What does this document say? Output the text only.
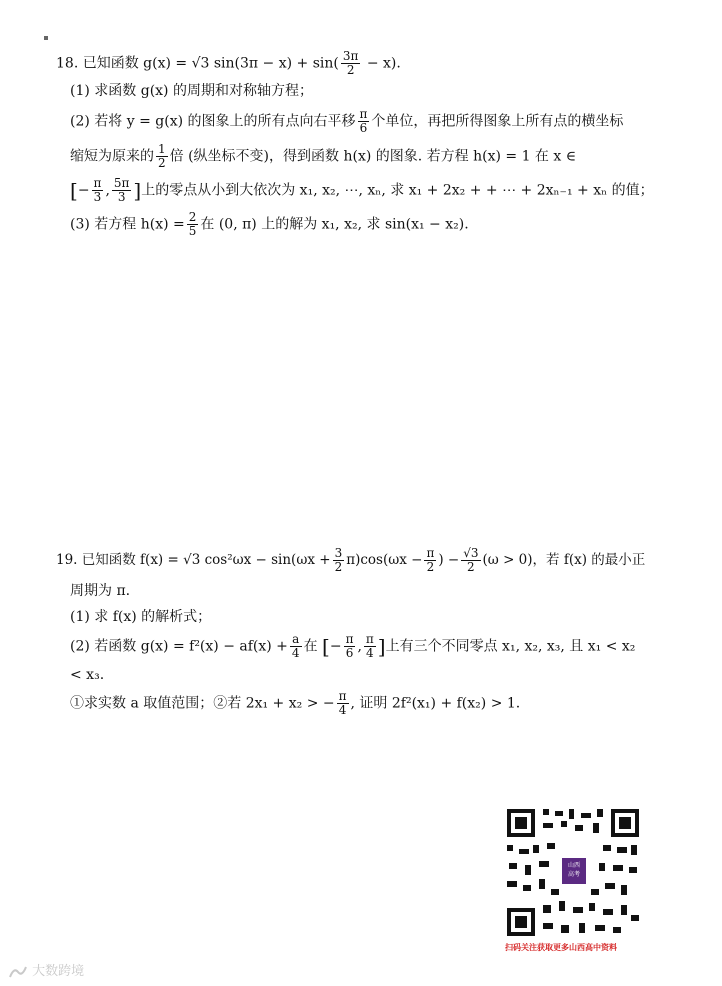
18. 已知函数 g(x) = √3 $\sin(3\pi - x) + \sin( \frac{3\pi}{2} - x)$.
(1) 求函数 g(x) 的周期和对称轴方程；
(2) 若将 y = g(x) 的图象上的所有点向右平移 $\frac{\pi}{6}$ 个单位，再把所得图象上所有点的横坐标
缩短为原来的 $\frac{1}{2}$ 倍 (纵坐标不变)，得到函数 h(x) 的图象. 若方程 h(x) = 1 在 x ∈
[− $\frac{\pi}{3}$ , $\frac{5\pi}{3}$ ]上的零点从小到大依次为 x₁, x₂, ⋯, xₙ, 求 x₁ + 2x₂ + + ⋯ + 2xₙ₋₁ + xₙ 的值；
(3) 若方程 $h(x) = \frac{2}{5}$ 在 (0, π) 上的解为 x₁, x₂, 求 sin(x₁ − x₂).
19. 已知函数 f(x) = √3 $\cos^2\omega x - \sin(\omega x + \frac{3}{2} \pi)\cos(\omega x - \frac{\pi}{2}$ ) − $\frac{√3}{2} (\omega > 0)$，若 f(x) 的最小正
周期为 π.
(1) 求 f(x) 的解析式；
(2) 若函数 $g(x) = f^2(x) - af(x) + \frac{a}{4}$ 在 [− $\frac{\pi}{6}$ , $\frac{\pi}{4}$ ]上有三个不同零点 x₁, x₂, x₃, 且 x₁ < x₂
< x₃.
①求实数 a 取值范围；②若 2x₁ + x₂ > − $\frac{\pi}{4}$ , 证明 2f²(x₁) + f(x₂) > 1.
山西
高考
扫码关注获取更多山西高中资料
大数跨境
